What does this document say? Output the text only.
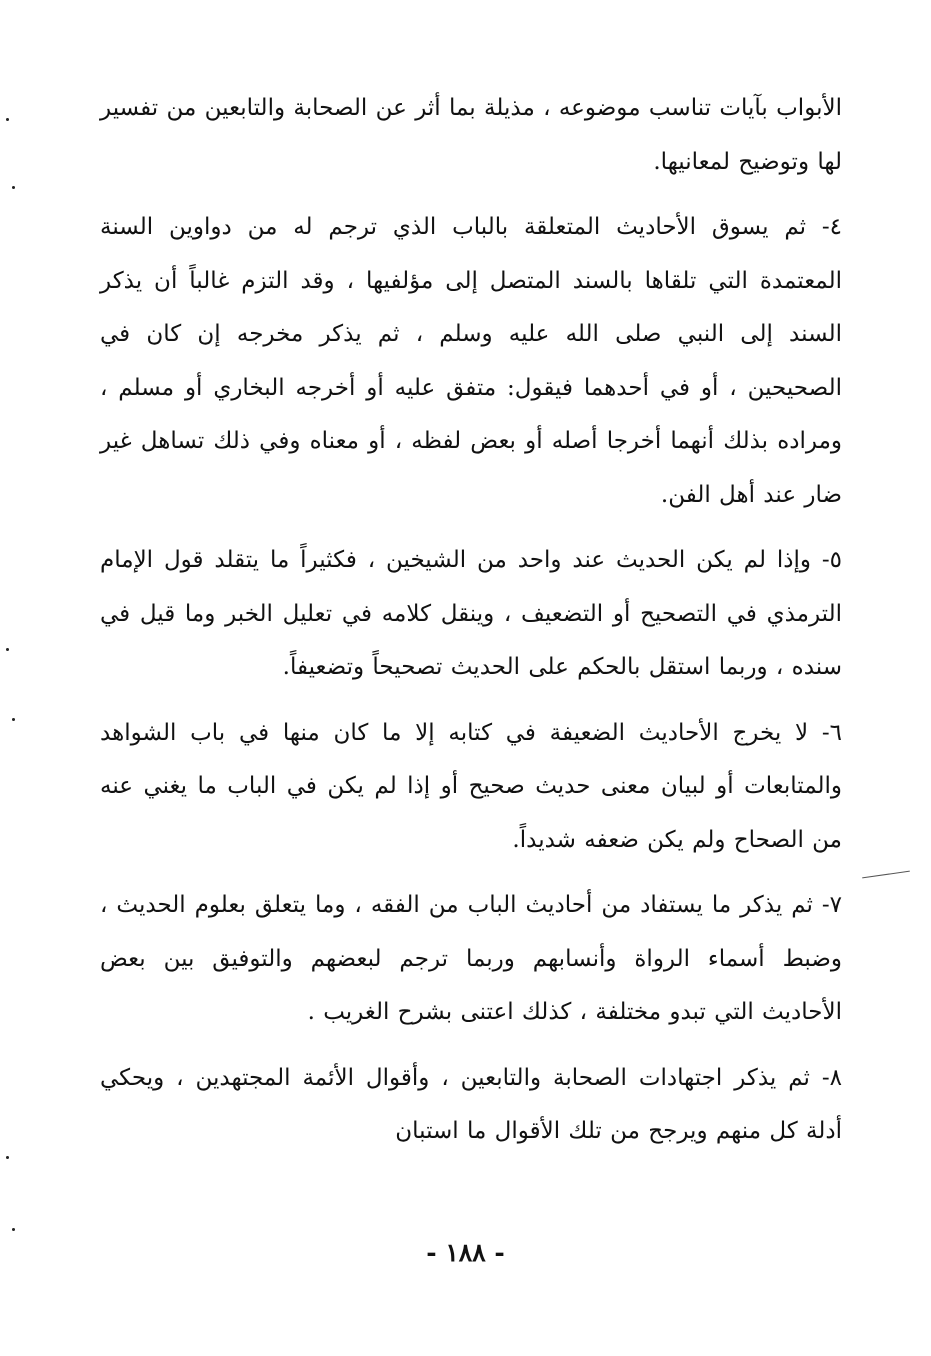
الأبواب بآيات تناسب موضوعه ، مذيلة بما أثر عن الصحابة والتابعين من تفسير لها وتوضيح لمعانيها.

٤- ثم يسوق الأحاديث المتعلقة بالباب الذي ترجم له من دواوين السنة المعتمدة التي تلقاها بالسند المتصل إلى مؤلفيها ، وقد التزم غالباً أن يذكر السند إلى النبي صلى الله عليه وسلم ، ثم يذكر مخرجه إن كان في الصحيحين ، أو في أحدهما فيقول: متفق عليه أو أخرجه البخاري أو مسلم ، ومراده بذلك أنهما أخرجا أصله أو بعض لفظه ، أو معناه وفي ذلك تساهل غير ضار عند أهل الفن.

٥- وإذا لم يكن الحديث عند واحد من الشيخين ، فكثيراً ما يتقلد قول الإمام الترمذي في التصحيح أو التضعيف ، وينقل كلامه في تعليل الخبر وما قيل في سنده ، وربما استقل بالحكم على الحديث تصحيحاً وتضعيفاً.

٦- لا يخرج الأحاديث الضعيفة في كتابه إلا ما كان منها في باب الشواهد والمتابعات أو لبيان معنى حديث صحيح أو إذا لم يكن في الباب ما يغني عنه من الصحاح ولم يكن ضعفه شديداً.

٧- ثم يذكر ما يستفاد من أحاديث الباب من الفقه ، وما يتعلق بعلوم الحديث ، وضبط أسماء الرواة وأنسابهم وربما ترجم لبعضهم والتوفيق بين بعض الأحاديث التي تبدو مختلفة ، كذلك اعتنى بشرح الغريب .

٨- ثم يذكر اجتهادات الصحابة والتابعين ، وأقوال الأئمة المجتهدين ، ويحكي أدلة كل منهم ويرجح من تلك الأقوال ما استبان

- ١٨٨ -
